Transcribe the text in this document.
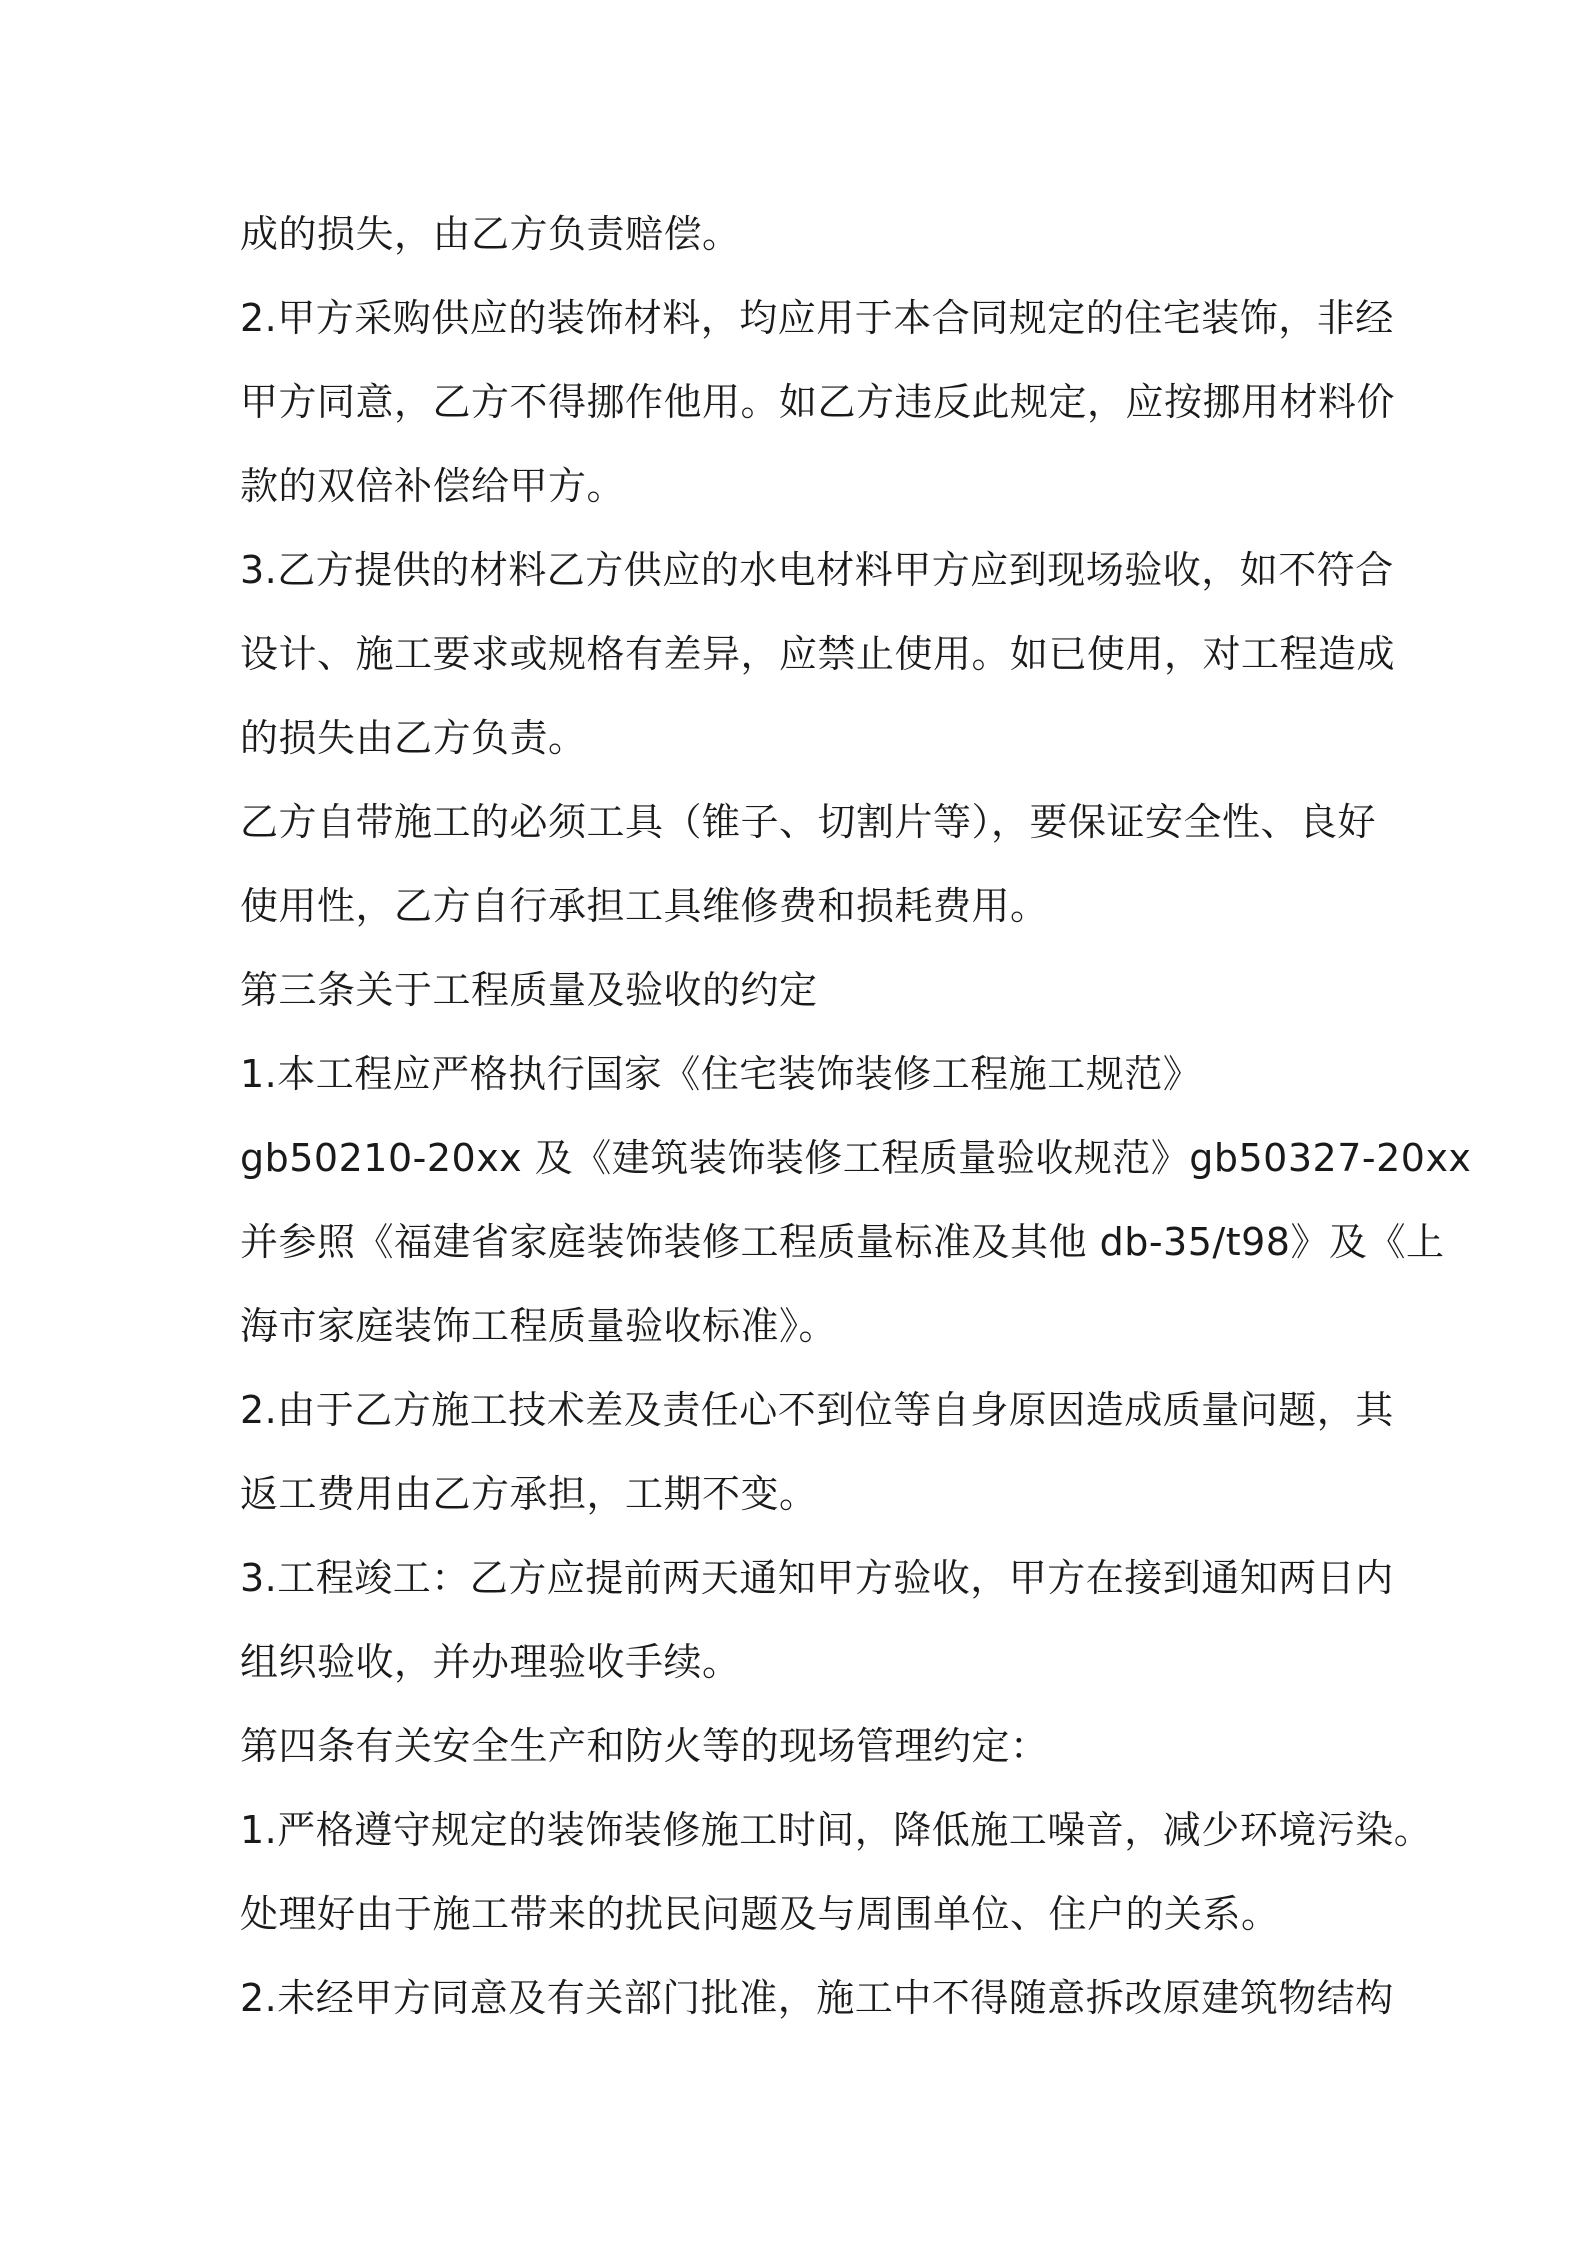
成的损失，由乙方负责赔偿。
2.甲方采购供应的装饰材料，均应用于本合同规定的住宅装饰，非经
甲方同意，乙方不得挪作他用。如乙方违反此规定，应按挪用材料价
款的双倍补偿给甲方。
3.乙方提供的材料乙方供应的水电材料甲方应到现场验收，如不符合
设计、施工要求或规格有差异，应禁止使用。如已使用，对工程造成
的损失由乙方负责。
乙方自带施工的必须工具（锥子、切割片等），要保证安全性、良好
使用性，乙方自行承担工具维修费和损耗费用。
第三条关于工程质量及验收的约定
1.本工程应严格执行国家《住宅装饰装修工程施工规范》
gb50210-20xx 及《建筑装饰装修工程质量验收规范》gb50327-20xx
并参照《福建省家庭装饰装修工程质量标准及其他 db-35/t98》及《上
海市家庭装饰工程质量验收标准》。
2.由于乙方施工技术差及责任心不到位等自身原因造成质量问题，其
返工费用由乙方承担，工期不变。
3.工程竣工：乙方应提前两天通知甲方验收，甲方在接到通知两日内
组织验收，并办理验收手续。
第四条有关安全生产和防火等的现场管理约定：
1.严格遵守规定的装饰装修施工时间，降低施工噪音，减少环境污染。
处理好由于施工带来的扰民问题及与周围单位、住户的关系。
2.未经甲方同意及有关部门批准，施工中不得随意拆改原建筑物结构
